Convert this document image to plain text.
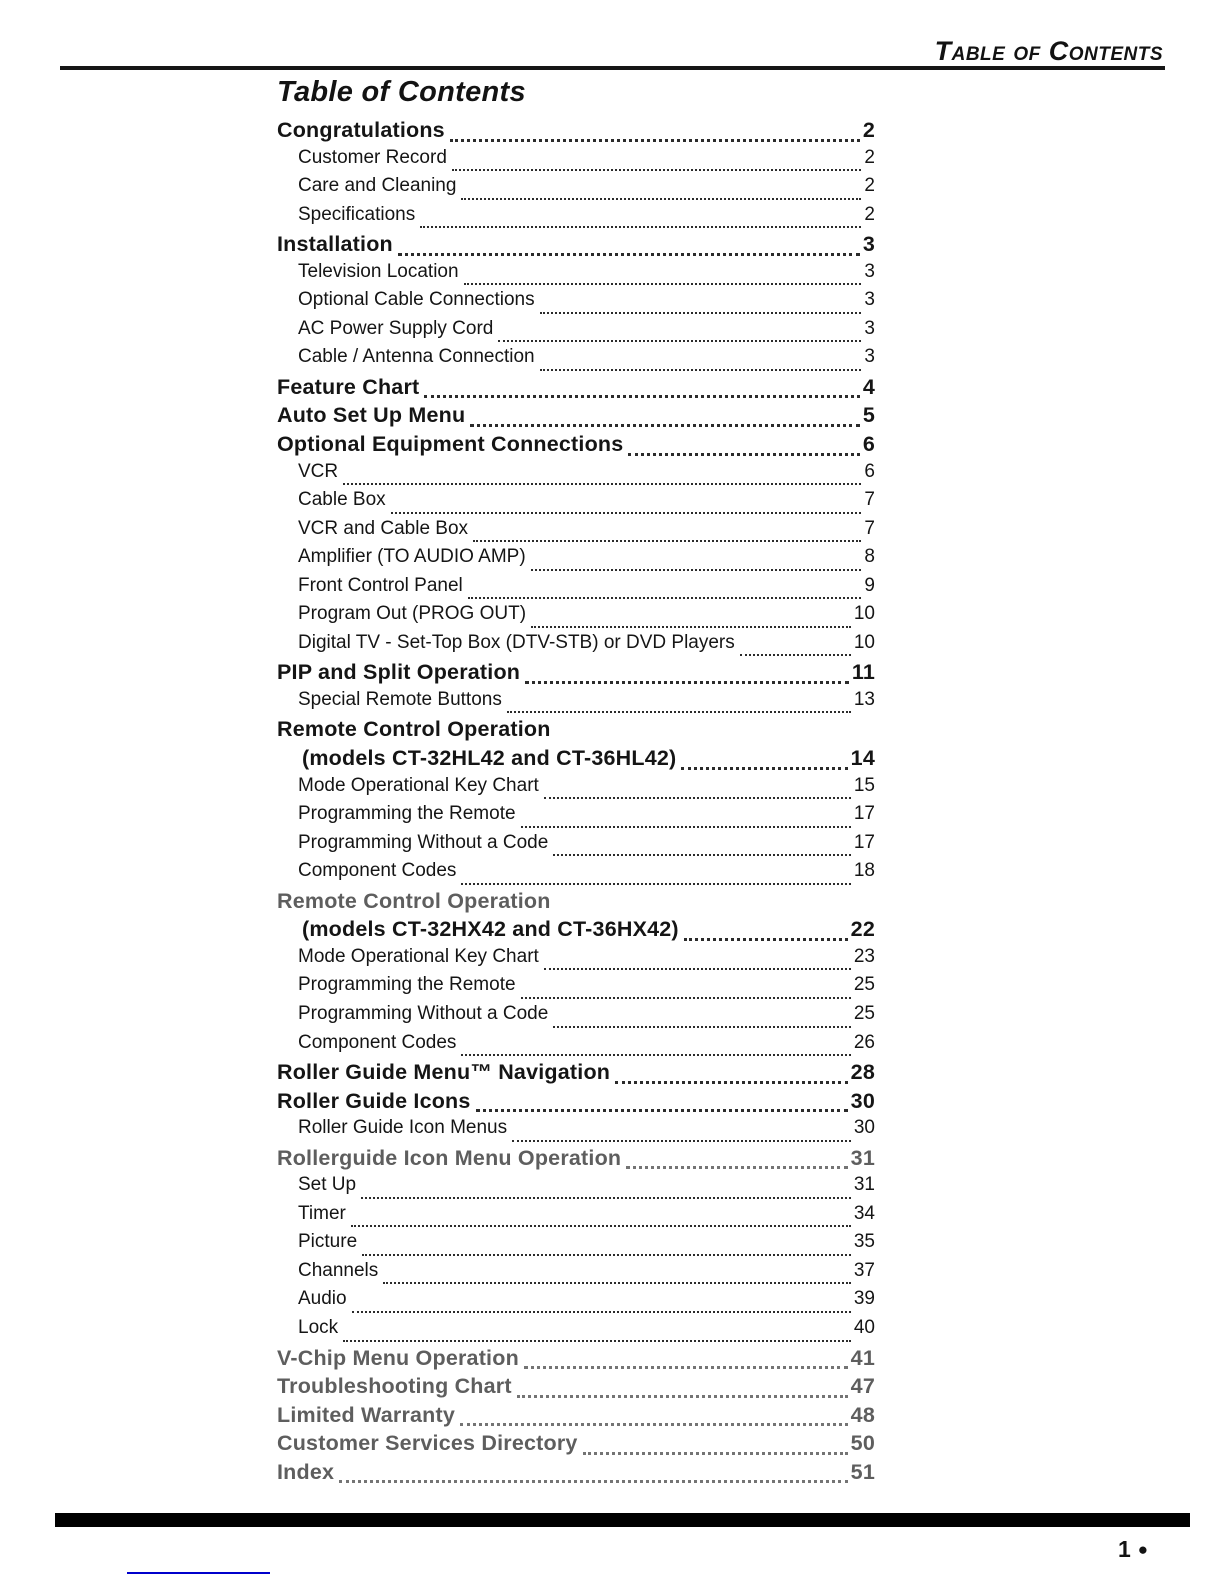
Table of Contents
Table of Contents
Congratulations	2
Customer Record	2
Care and Cleaning	2
Specifications	2
Installation	3
Television Location	3
Optional Cable Connections	3
AC Power Supply Cord	3
Cable / Antenna Connection	3
Feature Chart	4
Auto Set Up Menu	5
Optional Equipment Connections	6
VCR	6
Cable Box	7
VCR and Cable Box	7
Amplifier (TO AUDIO AMP)	8
Front Control Panel	9
Program Out (PROG OUT)	10
Digital TV - Set-Top Box (DTV-STB) or DVD Players	10
PIP and Split Operation	11
Special Remote Buttons	13
Remote Control Operation
(models CT-32HL42 and CT-36HL42)	14
Mode Operational Key Chart	15
Programming the Remote	17
Programming Without a Code	17
Component Codes	18
Remote Control Operation
(models CT-32HX42 and CT-36HX42)	22
Mode Operational Key Chart	23
Programming the Remote	25
Programming Without a Code	25
Component Codes	26
Roller Guide Menu™ Navigation	28
Roller Guide Icons	30
Roller Guide Icon Menus	30
Rollerguide Icon Menu Operation	31
Set Up	31
Timer	34
Picture	35
Channels	37
Audio	39
Lock	40
V-Chip Menu Operation	41
Troubleshooting Chart	47
Limited Warranty	48
Customer Services Directory	50
Index	51
1 ●
